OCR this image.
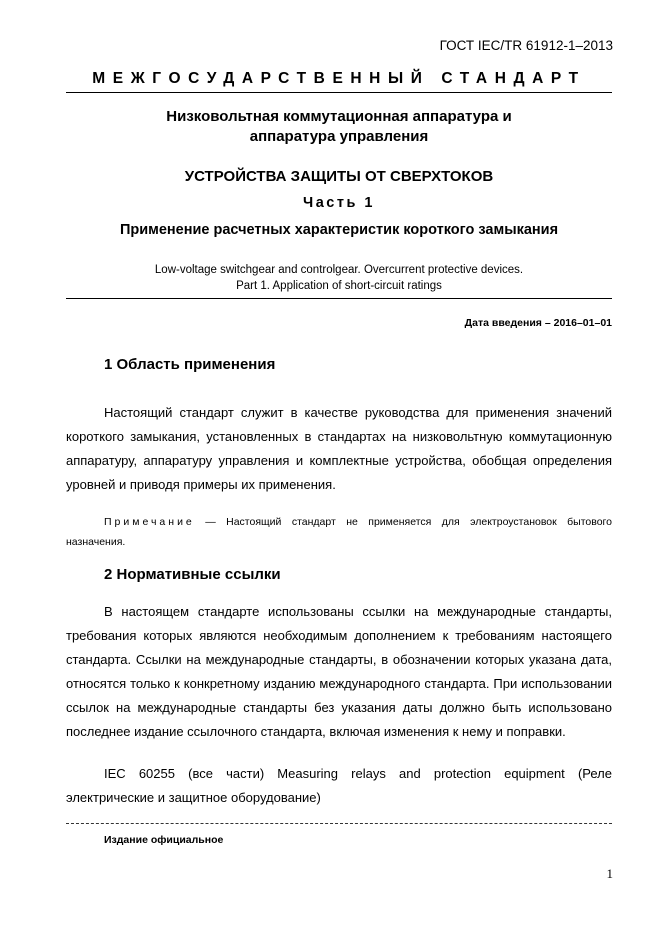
ГОСТ IEC/TR 61912-1–2013
МЕЖГОСУДАРСТВЕННЫЙ СТАНДАРТ
Низковольтная коммутационная аппаратура и
аппаратура управления
УСТРОЙСТВА ЗАЩИТЫ ОТ СВЕРХТОКОВ
Часть 1
Применение расчетных характеристик короткого замыкания
Low-voltage switchgear and controlgear. Overcurrent protective devices.
Part 1. Application of short-circuit ratings
Дата введения – 2016–01–01
1 Область применения

Настоящий стандарт служит в качестве руководства для применения значений короткого замыкания, установленных в стандартах на низковольтную коммутационную аппаратуру, аппаратуру управления и комплектные устройства, обобщая определения уровней и приводя примеры их применения.

Примечание — Настоящий стандарт не применяется для электроустановок бытового назначения.

2 Нормативные ссылки

В настоящем стандарте использованы ссылки на международные стандарты, требования которых являются необходимым дополнением к требованиям настоящего стандарта. Ссылки на международные стандарты, в обозначении которых указана дата, относятся только к конкретному изданию международного стандарта. При использовании ссылок на международные стандарты без указания даты должно быть использовано последнее издание ссылочного стандарта, включая изменения к нему и поправки.

IEC 60255 (все части) Measuring relays and protection equipment (Реле электрические и защитное оборудование)

Издание официальное
1
